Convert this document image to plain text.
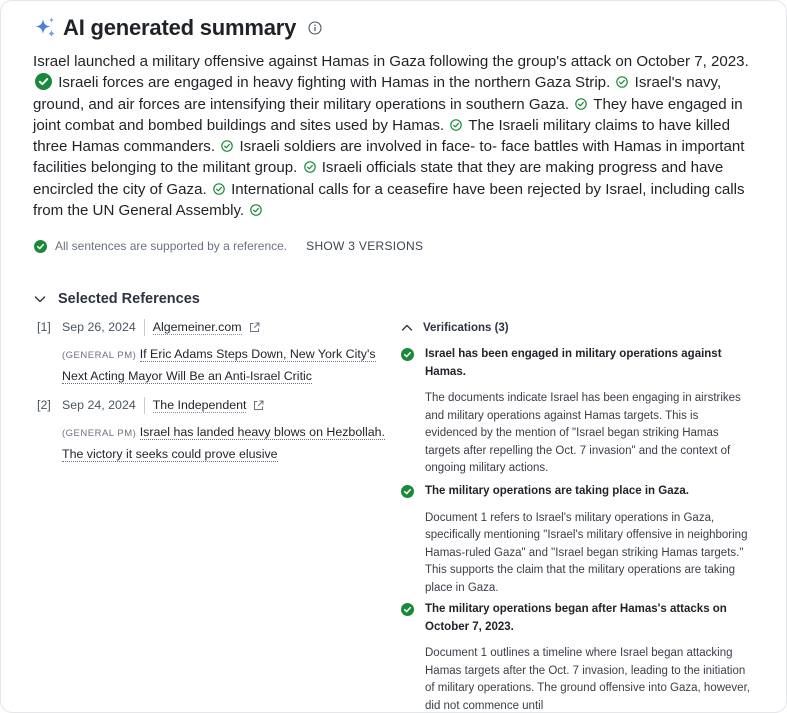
AI generated summary
Israel launched a military offensive against Hamas in Gaza following the group's attack on October 7, 2023.  Israeli forces are engaged in heavy fighting with Hamas in the northern Gaza Strip. Israel's navy, ground, and air forces are intensifying their military operations in southern Gaza. They have engaged in joint combat and bombed buildings and sites used by Hamas. The Israeli military claims to have killed three Hamas commanders. Israeli soldiers are involved in face- to- face battles with Hamas in important facilities belonging to the militant group. Israeli officials state that they are making progress and have encircled the city of Gaza. International calls for a ceasefire have been rejected by Israel, including calls from the UN General Assembly.
All sentences are supported by a reference. SHOW 3 VERSIONS
Selected References
[1] Sep 26, 2024 Algemeiner.com
(GENERAL PM) If Eric Adams Steps Down, New York City's Next Acting Mayor Will Be an Anti-Israel Critic
[2] Sep 24, 2024 The Independent
(GENERAL PM) Israel has landed heavy blows on Hezbollah. The victory it seeks could prove elusive
Verifications (3)
Israel has been engaged in military operations against Hamas.
The documents indicate Israel has been engaging in airstrikes and military operations against Hamas targets. This is evidenced by the mention of "Israel began striking Hamas targets after repelling the Oct. 7 invasion" and the context of ongoing military actions.
The military operations are taking place in Gaza.
Document 1 refers to Israel's military operations in Gaza, specifically mentioning "Israel's military offensive in neighboring Hamas-ruled Gaza" and "Israel began striking Hamas targets." This supports the claim that the military operations are taking place in Gaza.
The military operations began after Hamas's attacks on October 7, 2023.
Document 1 outlines a timeline where Israel began attacking Hamas targets after the Oct. 7 invasion, leading to the initiation of military operations. The ground offensive into Gaza, however, did not commence until
